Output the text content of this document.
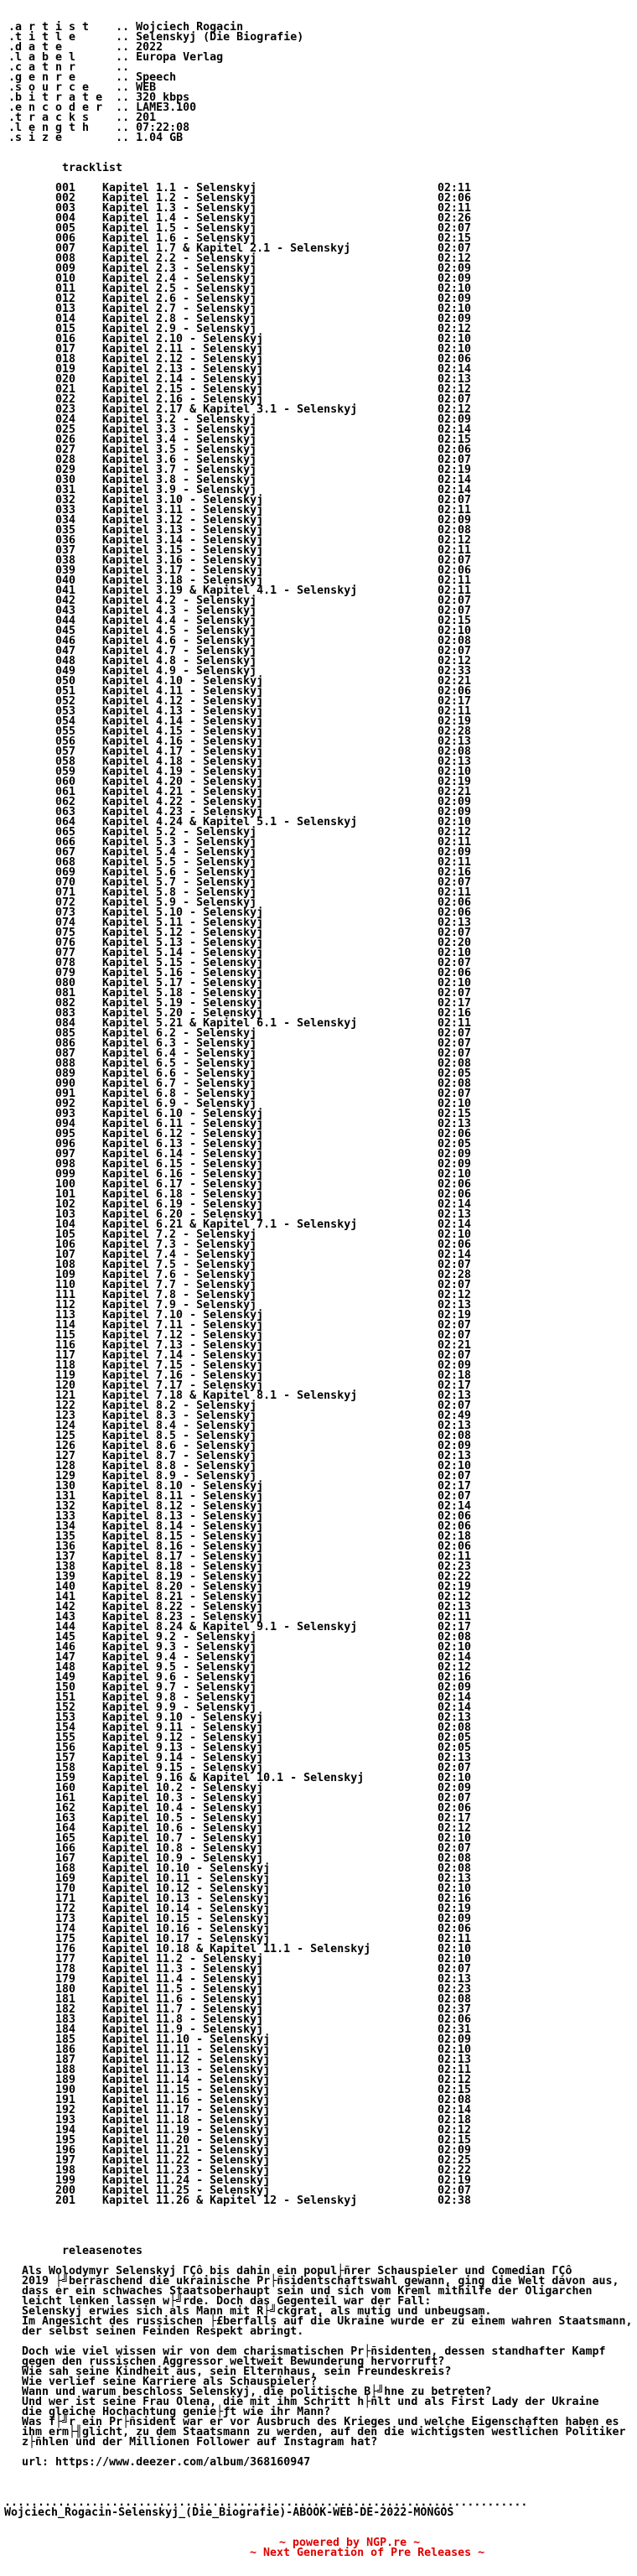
.a r t i s t    .. Wojciech Rogacin
.t i t l e      .. Selenskyj (Die Biografie)
.d a t e        .. 2022
.l a b e l      .. Europa Verlag
.c a t n r      ..
.g e n r e      .. Speech
.s o u r c e    .. WEB
.b i t r a t e  .. 320 kbps
.e n c o d e r  .. LAME3.100
.t r a c k s    .. 201
.l e n g t h    .. 07:22:08
.s i z e        .. 1.04 GB
tracklist
001 Kapitel 1.1 - Selenskyj	02:11
002 Kapitel 1.2 - Selenskyj	02:06
003 Kapitel 1.3 - Selenskyj	02:11
004 Kapitel 1.4 - Selenskyj	02:26
005 Kapitel 1.5 - Selenskyj	02:07
006 Kapitel 1.6 - Selenskyj	02:15
007 Kapitel 1.7 & Kapitel 2.1 - Selenskyj	02:07
008 Kapitel 2.2 - Selenskyj	02:12
009 Kapitel 2.3 - Selenskyj	02:09
010 Kapitel 2.4 - Selenskyj	02:09
011 Kapitel 2.5 - Selenskyj	02:10
012 Kapitel 2.6 - Selenskyj	02:09
013 Kapitel 2.7 - Selenskyj	02:10
014 Kapitel 2.8 - Selenskyj	02:09
015 Kapitel 2.9 - Selenskyj	02:12
016 Kapitel 2.10 - Selenskyj	02:10
017 Kapitel 2.11 - Selenskyj	02:10
018 Kapitel 2.12 - Selenskyj	02:06
019 Kapitel 2.13 - Selenskyj	02:14
020 Kapitel 2.14 - Selenskyj	02:13
021 Kapitel 2.15 - Selenskyj	02:12
022 Kapitel 2.16 - Selenskyj	02:07
023 Kapitel 2.17 & Kapitel 3.1 - Selenskyj	02:12
024 Kapitel 3.2 - Selenskyj	02:09
025 Kapitel 3.3 - Selenskyj	02:14
026 Kapitel 3.4 - Selenskyj	02:15
027 Kapitel 3.5 - Selenskyj	02:06
028 Kapitel 3.6 - Selenskyj	02:07
029 Kapitel 3.7 - Selenskyj	02:19
030 Kapitel 3.8 - Selenskyj	02:14
031 Kapitel 3.9 - Selenskyj	02:14
032 Kapitel 3.10 - Selenskyj	02:07
033 Kapitel 3.11 - Selenskyj	02:11
034 Kapitel 3.12 - Selenskyj	02:09
035 Kapitel 3.13 - Selenskyj	02:08
036 Kapitel 3.14 - Selenskyj	02:12
037 Kapitel 3.15 - Selenskyj	02:11
038 Kapitel 3.16 - Selenskyj	02:07
039 Kapitel 3.17 - Selenskyj	02:06
040 Kapitel 3.18 - Selenskyj	02:11
041 Kapitel 3.19 & Kapitel 4.1 - Selenskyj	02:11
042 Kapitel 4.2 - Selenskyj	02:07
043 Kapitel 4.3 - Selenskyj	02:07
044 Kapitel 4.4 - Selenskyj	02:15
045 Kapitel 4.5 - Selenskyj	02:10
046 Kapitel 4.6 - Selenskyj	02:08
047 Kapitel 4.7 - Selenskyj	02:07
048 Kapitel 4.8 - Selenskyj	02:12
049 Kapitel 4.9 - Selenskyj	02:33
050 Kapitel 4.10 - Selenskyj	02:21
051 Kapitel 4.11 - Selenskyj	02:06
052 Kapitel 4.12 - Selenskyj	02:17
053 Kapitel 4.13 - Selenskyj	02:11
054 Kapitel 4.14 - Selenskyj	02:19
055 Kapitel 4.15 - Selenskyj	02:28
056 Kapitel 4.16 - Selenskyj	02:13
057 Kapitel 4.17 - Selenskyj	02:08
058 Kapitel 4.18 - Selenskyj	02:13
059 Kapitel 4.19 - Selenskyj	02:10
060 Kapitel 4.20 - Selenskyj	02:19
061 Kapitel 4.21 - Selenskyj	02:21
062 Kapitel 4.22 - Selenskyj	02:09
063 Kapitel 4.23 - Selenskyj	02:09
064 Kapitel 4.24 & Kapitel 5.1 - Selenskyj	02:10
065 Kapitel 5.2 - Selenskyj	02:12
066 Kapitel 5.3 - Selenskyj	02:11
067 Kapitel 5.4 - Selenskyj	02:09
068 Kapitel 5.5 - Selenskyj	02:11
069 Kapitel 5.6 - Selenskyj	02:16
070 Kapitel 5.7 - Selenskyj	02:07
071 Kapitel 5.8 - Selenskyj	02:11
072 Kapitel 5.9 - Selenskyj	02:06
073 Kapitel 5.10 - Selenskyj	02:06
074 Kapitel 5.11 - Selenskyj	02:13
075 Kapitel 5.12 - Selenskyj	02:07
076 Kapitel 5.13 - Selenskyj	02:20
077 Kapitel 5.14 - Selenskyj	02:10
078 Kapitel 5.15 - Selenskyj	02:07
079 Kapitel 5.16 - Selenskyj	02:06
080 Kapitel 5.17 - Selenskyj	02:10
081 Kapitel 5.18 - Selenskyj	02:07
082 Kapitel 5.19 - Selenskyj	02:17
083 Kapitel 5.20 - Selenskyj	02:16
084 Kapitel 5.21 & Kapitel 6.1 - Selenskyj	02:11
085 Kapitel 6.2 - Selenskyj	02:07
086 Kapitel 6.3 - Selenskyj	02:07
087 Kapitel 6.4 - Selenskyj	02:07
088 Kapitel 6.5 - Selenskyj	02:08
089 Kapitel 6.6 - Selenskyj	02:05
090 Kapitel 6.7 - Selenskyj	02:08
091 Kapitel 6.8 - Selenskyj	02:07
092 Kapitel 6.9 - Selenskyj	02:10
093 Kapitel 6.10 - Selenskyj	02:15
094 Kapitel 6.11 - Selenskyj	02:13
095 Kapitel 6.12 - Selenskyj	02:06
096 Kapitel 6.13 - Selenskyj	02:05
097 Kapitel 6.14 - Selenskyj	02:09
098 Kapitel 6.15 - Selenskyj	02:09
099 Kapitel 6.16 - Selenskyj	02:10
100 Kapitel 6.17 - Selenskyj	02:06
101 Kapitel 6.18 - Selenskyj	02:06
102 Kapitel 6.19 - Selenskyj	02:14
103 Kapitel 6.20 - Selenskyj	02:13
104 Kapitel 6.21 & Kapitel 7.1 - Selenskyj	02:14
105 Kapitel 7.2 - Selenskyj	02:10
106 Kapitel 7.3 - Selenskyj	02:06
107 Kapitel 7.4 - Selenskyj	02:14
108 Kapitel 7.5 - Selenskyj	02:07
109 Kapitel 7.6 - Selenskyj	02:28
110 Kapitel 7.7 - Selenskyj	02:07
111 Kapitel 7.8 - Selenskyj	02:12
112 Kapitel 7.9 - Selenskyj	02:13
113 Kapitel 7.10 - Selenskyj	02:19
114 Kapitel 7.11 - Selenskyj	02:07
115 Kapitel 7.12 - Selenskyj	02:07
116 Kapitel 7.13 - Selenskyj	02:21
117 Kapitel 7.14 - Selenskyj	02:07
118 Kapitel 7.15 - Selenskyj	02:09
119 Kapitel 7.16 - Selenskyj	02:18
120 Kapitel 7.17 - Selenskyj	02:17
121 Kapitel 7.18 & Kapitel 8.1 - Selenskyj	02:13
122 Kapitel 8.2 - Selenskyj	02:07
123 Kapitel 8.3 - Selenskyj	02:49
124 Kapitel 8.4 - Selenskyj	02:13
125 Kapitel 8.5 - Selenskyj	02:08
126 Kapitel 8.6 - Selenskyj	02:09
127 Kapitel 8.7 - Selenskyj	02:13
128 Kapitel 8.8 - Selenskyj	02:10
129 Kapitel 8.9 - Selenskyj	02:07
130 Kapitel 8.10 - Selenskyj	02:17
131 Kapitel 8.11 - Selenskyj	02:07
132 Kapitel 8.12 - Selenskyj	02:14
133 Kapitel 8.13 - Selenskyj	02:06
134 Kapitel 8.14 - Selenskyj	02:06
135 Kapitel 8.15 - Selenskyj	02:18
136 Kapitel 8.16 - Selenskyj	02:06
137 Kapitel 8.17 - Selenskyj	02:11
138 Kapitel 8.18 - Selenskyj	02:23
139 Kapitel 8.19 - Selenskyj	02:22
140 Kapitel 8.20 - Selenskyj	02:19
141 Kapitel 8.21 - Selenskyj	02:12
142 Kapitel 8.22 - Selenskyj	02:13
143 Kapitel 8.23 - Selenskyj	02:11
144 Kapitel 8.24 & Kapitel 9.1 - Selenskyj	02:17
145 Kapitel 9.2 - Selenskyj	02:08
146 Kapitel 9.3 - Selenskyj	02:10
147 Kapitel 9.4 - Selenskyj	02:14
148 Kapitel 9.5 - Selenskyj	02:12
149 Kapitel 9.6 - Selenskyj	02:16
150 Kapitel 9.7 - Selenskyj	02:09
151 Kapitel 9.8 - Selenskyj	02:14
152 Kapitel 9.9 - Selenskyj	02:14
153 Kapitel 9.10 - Selenskyj	02:13
154 Kapitel 9.11 - Selenskyj	02:08
155 Kapitel 9.12 - Selenskyj	02:05
156 Kapitel 9.13 - Selenskyj	02:05
157 Kapitel 9.14 - Selenskyj	02:13
158 Kapitel 9.15 - Selenskyj	02:07
159 Kapitel 9.16 & Kapitel 10.1 - Selenskyj	02:10
160 Kapitel 10.2 - Selenskyj	02:09
161 Kapitel 10.3 - Selenskyj	02:07
162 Kapitel 10.4 - Selenskyj	02:06
163 Kapitel 10.5 - Selenskyj	02:17
164 Kapitel 10.6 - Selenskyj	02:12
165 Kapitel 10.7 - Selenskyj	02:10
166 Kapitel 10.8 - Selenskyj	02:07
167 Kapitel 10.9 - Selenskyj	02:08
168 Kapitel 10.10 - Selenskyj	02:08
169 Kapitel 10.11 - Selenskyj	02:13
170 Kapitel 10.12 - Selenskyj	02:10
171 Kapitel 10.13 - Selenskyj	02:16
172 Kapitel 10.14 - Selenskyj	02:19
173 Kapitel 10.15 - Selenskyj	02:09
174 Kapitel 10.16 - Selenskyj	02:06
175 Kapitel 10.17 - Selenskyj	02:11
176 Kapitel 10.18 & Kapitel 11.1 - Selenskyj	02:10
177 Kapitel 11.2 - Selenskyj	02:10
178 Kapitel 11.3 - Selenskyj	02:07
179 Kapitel 11.4 - Selenskyj	02:13
180 Kapitel 11.5 - Selenskyj	02:23
181 Kapitel 11.6 - Selenskyj	02:08
182 Kapitel 11.7 - Selenskyj	02:37
183 Kapitel 11.8 - Selenskyj	02:06
184 Kapitel 11.9 - Selenskyj	02:31
185 Kapitel 11.10 - Selenskyj	02:09
186 Kapitel 11.11 - Selenskyj	02:10
187 Kapitel 11.12 - Selenskyj	02:13
188 Kapitel 11.13 - Selenskyj	02:11
189 Kapitel 11.14 - Selenskyj	02:12
190 Kapitel 11.15 - Selenskyj	02:15
191 Kapitel 11.16 - Selenskyj	02:08
192 Kapitel 11.17 - Selenskyj	02:14
193 Kapitel 11.18 - Selenskyj	02:18
194 Kapitel 11.19 - Selenskyj	02:12
195 Kapitel 11.20 - Selenskyj	02:15
196 Kapitel 11.21 - Selenskyj	02:09
197 Kapitel 11.22 - Selenskyj	02:25
198 Kapitel 11.23 - Selenskyj	02:22
199 Kapitel 11.24 - Selenskyj	02:19
200 Kapitel 11.25 - Selenskyj	02:07
201 Kapitel 11.26 & Kapitel 12 - Selenskyj	02:38
releasenotes
Als Wolodymyr Selenskyj ΓÇô bis dahin ein popul├ñrer Schauspieler und Comedian ΓÇô
2019 ├╝berraschend die ukrainische Pr├ñsidentschaftswahl gewann, ging die Welt davon aus,
dass er ein schwaches Staatsoberhaupt sein und sich vom Kreml mithilfe der Oligarchen
leicht lenken lassen w├╝rde. Doch das Gegenteil war der Fall:
Selenskyj erwies sich als Mann mit R├╝ckgrat, als mutig und unbeugsam.
Im Angesicht des russischen ├£berfalls auf die Ukraine wurde er zu einem wahren Staatsmann,
der selbst seinen Feinden Respekt abringt.
Doch wie viel wissen wir von dem charismatischen Pr├ñsidenten, dessen standhafter Kampf
gegen den russischen Aggressor weltweit Bewunderung hervorruft?
Wie sah seine Kindheit aus, sein Elternhaus, sein Freundeskreis?
Wie verlief seine Karriere als Schauspieler?
Wann und warum beschloss Selenskyj, die politische B├╝hne zu betreten?
Und wer ist seine Frau Olena, die mit ihm Schritt h├ñlt und als First Lady der Ukraine
die gleiche Hochachtung genie├ƒt wie ihr Mann?
Was f├╝r ein Pr├ñsident war er vor Ausbruch des Krieges und welche Eigenschaften haben es
ihm erm├╢glicht, zu dem Staatsmann zu werden, auf den die wichtigsten westlichen Politiker
z├ñhlen und der Millionen Follower auf Instagram hat?
url: https://www.deezer.com/album/368160947
..............................................................................
Wojciech_Rogacin-Selenskyj_(Die_Biografie)-ABOOK-WEB-DE-2022-MONGOS
~ powered by NGP.re ~
~ Next Generation of Pre Releases ~
